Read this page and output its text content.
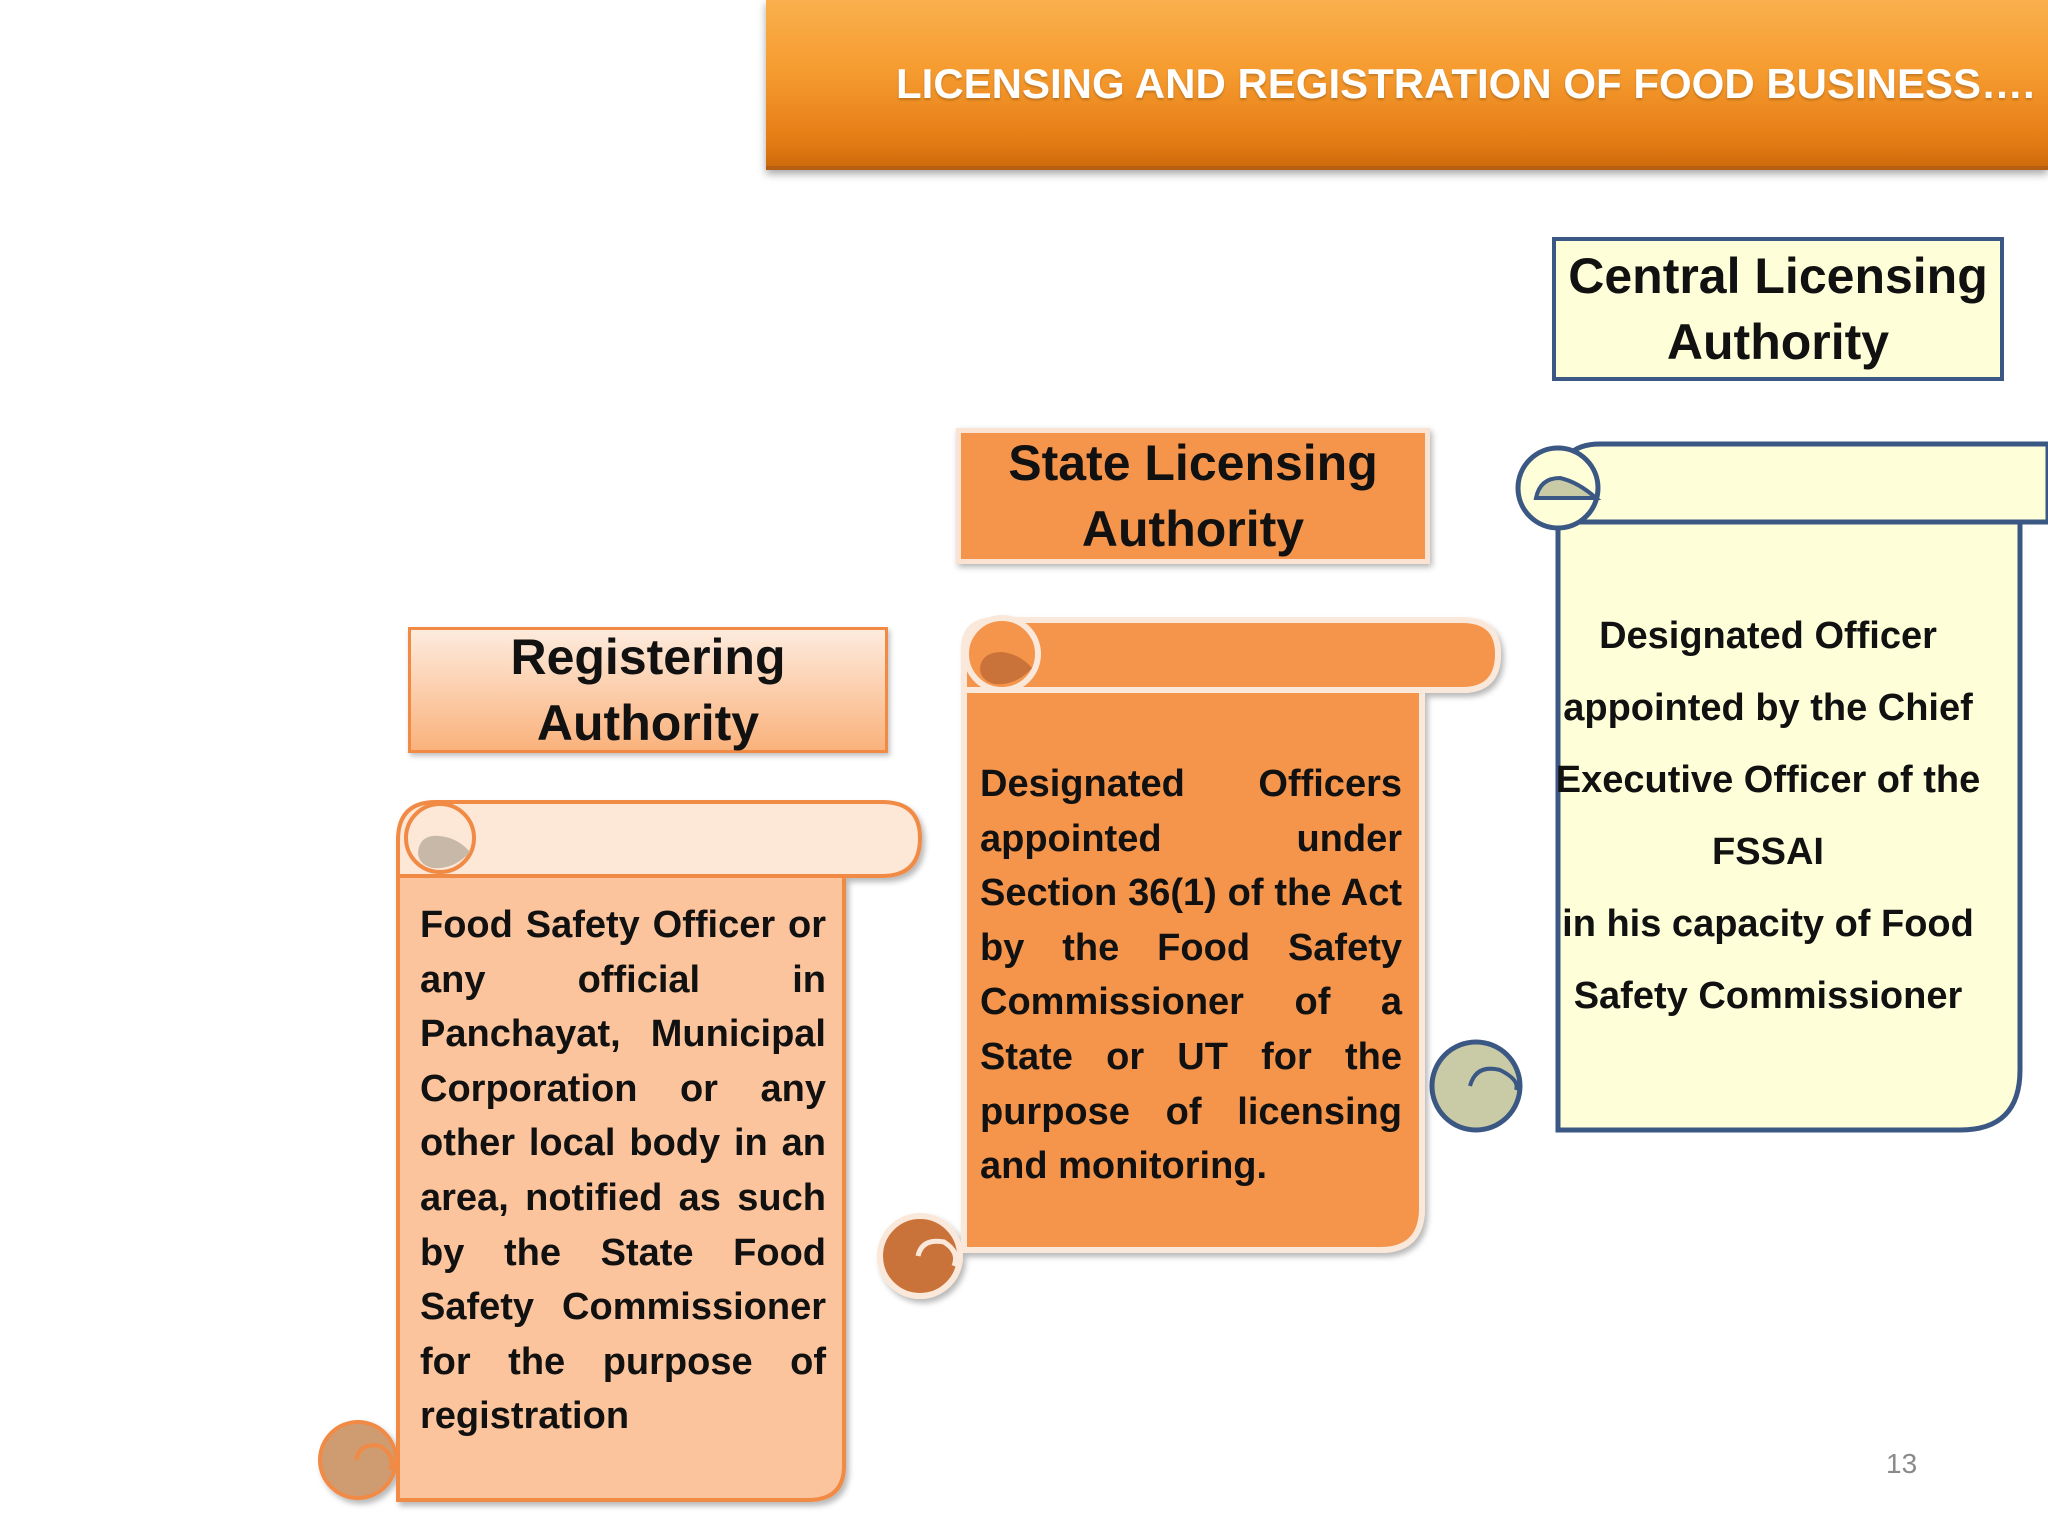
LICENSING AND REGISTRATION OF FOOD BUSINESS….
Central Licensing Authority
State Licensing Authority
Registering Authority

Designated Officer
appointed by the Chief
Executive Officer of the
FSSAI
in his capacity of Food
Safety Commissioner

Designated Officers appointed under Section 36(1) of the Act by the Food Safety Commissioner of a State or UT for the purpose of licensing and monitoring.

Food Safety Officer or any official in Panchayat, Municipal Corporation or any other local body in an area, notified as such by the State Food Safety Commissioner for the purpose of registration

13
